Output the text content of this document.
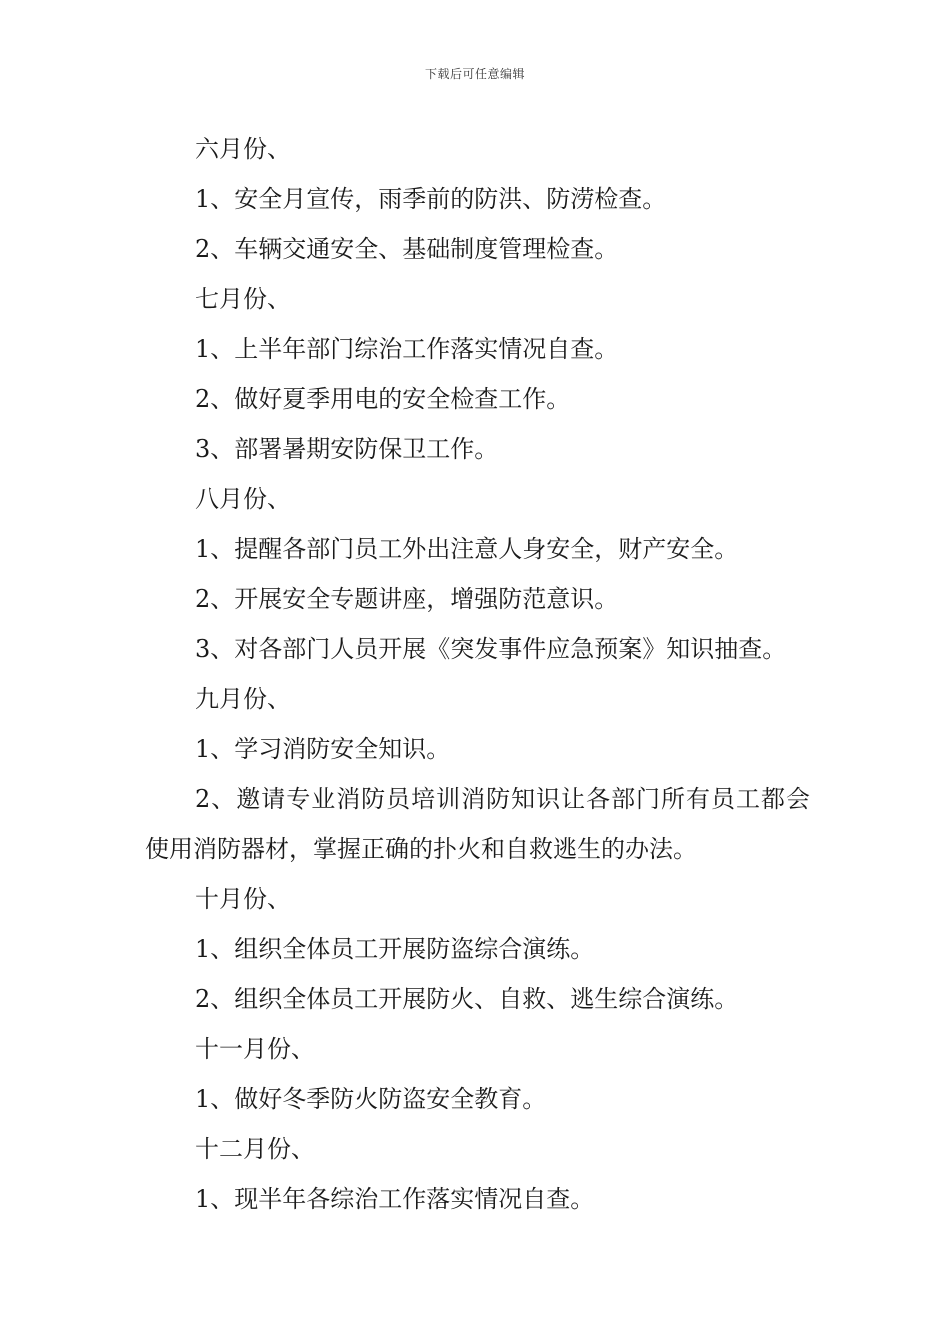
下载后可任意编辑

六月份、

1、安全月宣传，雨季前的防洪、防涝检查。

2、车辆交通安全、基础制度管理检查。

七月份、

1、上半年部门综治工作落实情况自查。

2、做好夏季用电的安全检查工作。

3、部署暑期安防保卫工作。

八月份、

1、提醒各部门员工外出注意人身安全，财产安全。

2、开展安全专题讲座，增强防范意识。

3、对各部门人员开展《突发事件应急预案》知识抽查。

九月份、

1、学习消防安全知识。

2、邀请专业消防员培训消防知识让各部门所有员工都会使用消防器材，掌握正确的扑火和自救逃生的办法。

十月份、

1、组织全体员工开展防盗综合演练。

2、组织全体员工开展防火、自救、逃生综合演练。

十一月份、

1、做好冬季防火防盗安全教育。

十二月份、

1、现半年各综治工作落实情况自查。
